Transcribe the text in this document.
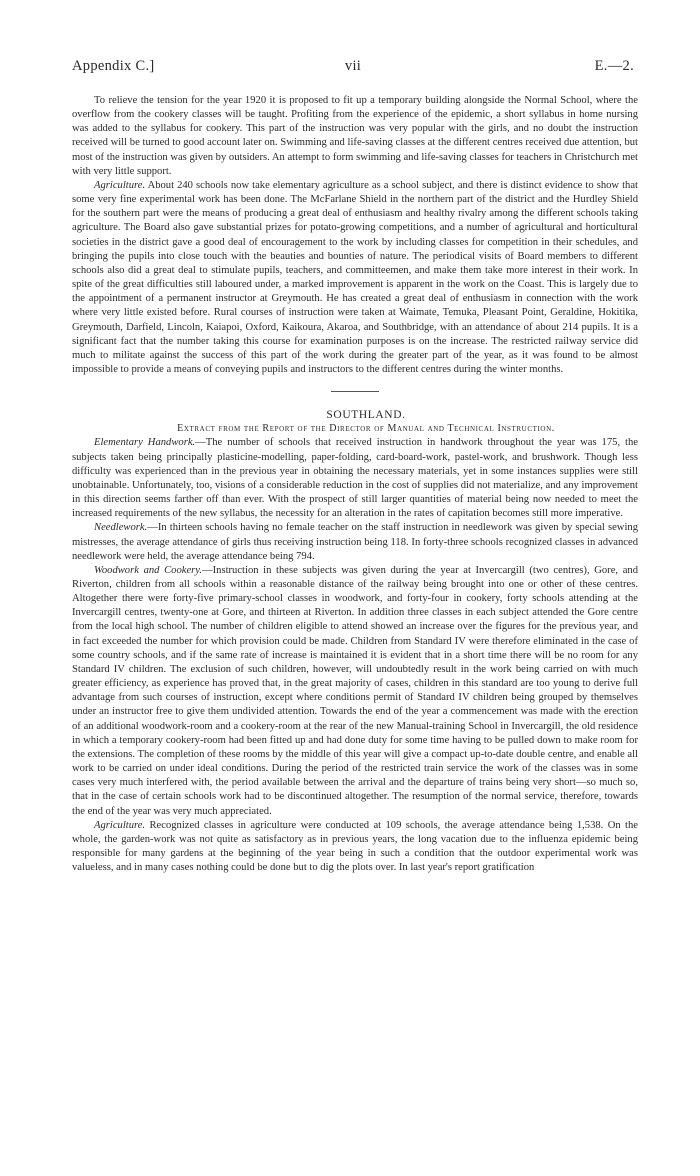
Appendix C.]	vii	E.—2.

To relieve the tension for the year 1920 it is proposed to fit up a temporary building alongside the Normal School, where the overflow from the cookery classes will be taught. Profiting from the experience of the epidemic, a short syllabus in home nursing was added to the syllabus for cookery. This part of the instruction was very popular with the girls, and no doubt the instruction received will be turned to good account later on. Swimming and life-saving classes at the different centres received due attention, but most of the instruction was given by outsiders. An attempt to form swimming and life-saving classes for teachers in Christchurch met with very little support.

Agriculture. About 240 schools now take elementary agriculture as a school subject, and there is distinct evidence to show that some very fine experimental work has been done. The McFarlane Shield in the northern part of the district and the Hurdley Shield for the southern part were the means of producing a great deal of enthusiasm and healthy rivalry among the different schools taking agriculture. The Board also gave substantial prizes for potato-growing competitions, and a number of agricultural and horticultural societies in the district gave a good deal of encouragement to the work by including classes for competition in their schedules, and bringing the pupils into close touch with the beauties and bounties of nature. The periodical visits of Board members to different schools also did a great deal to stimulate pupils, teachers, and committeemen, and make them take more interest in their work. In spite of the great difficulties still laboured under, a marked improvement is apparent in the work on the Coast. This is largely due to the appointment of a permanent instructor at Greymouth. He has created a great deal of enthusiasm in connection with the work where very little existed before. Rural courses of instruction were taken at Waimate, Temuka, Pleasant Point, Geraldine, Hokitika, Greymouth, Darfield, Lincoln, Kaiapoi, Oxford, Kaikoura, Akaroa, and Southbridge, with an attendance of about 214 pupils. It is a significant fact that the number taking this course for examination purposes is on the increase. The restricted railway service did much to militate against the success of this part of the work during the greater part of the year, as it was found to be almost impossible to provide a means of conveying pupils and instructors to the different centres during the winter months.

SOUTHLAND.

Extract from the Report of the Director of Manual and Technical Instruction.

Elementary Handwork.—The number of schools that received instruction in handwork throughout the year was 175, the subjects taken being principally plasticine-modelling, paper-folding, card-board-work, pastel-work, and brushwork. Though less difficulty was experienced than in the previous year in obtaining the necessary materials, yet in some instances supplies were still unobtainable. Unfortunately, too, visions of a considerable reduction in the cost of supplies did not materialize, and any improvement in this direction seems farther off than ever. With the prospect of still larger quantities of material being now needed to meet the increased requirements of the new syllabus, the necessity for an alteration in the rates of capitation becomes still more imperative.

Needlework.—In thirteen schools having no female teacher on the staff instruction in needlework was given by special sewing mistresses, the average attendance of girls thus receiving instruction being 118. In forty-three schools recognized classes in advanced needlework were held, the average attendance being 794.

Woodwork and Cookery.—Instruction in these subjects was given during the year at Invercargill (two centres), Gore, and Riverton, children from all schools within a reasonable distance of the railway being brought into one or other of these centres. Altogether there were forty-five primary-school classes in woodwork, and forty-four in cookery, forty schools attending at the Invercargill centres, twenty-one at Gore, and thirteen at Riverton. In addition three classes in each subject attended the Gore centre from the local high school. The number of children eligible to attend showed an increase over the figures for the previous year, and in fact exceeded the number for which provision could be made. Children from Standard IV were therefore eliminated in the case of some country schools, and if the same rate of increase is maintained it is evident that in a short time there will be no room for any Standard IV children. The exclusion of such children, however, will undoubtedly result in the work being carried on with much greater efficiency, as experience has proved that, in the great majority of cases, children in this standard are too young to derive full advantage from such courses of instruction, except where conditions permit of Standard IV children being grouped by themselves under an instructor free to give them undivided attention. Towards the end of the year a commencement was made with the erection of an additional woodwork-room and a cookery-room at the rear of the new Manual-training School in Invercargill, the old residence in which a temporary cookery-room had been fitted up and had done duty for some time having to be pulled down to make room for the extensions. The completion of these rooms by the middle of this year will give a compact up-to-date double centre, and enable all work to be carried on under ideal conditions. During the period of the restricted train service the work of the classes was in some cases very much interfered with, the period available between the arrival and the departure of trains being very short—so much so, that in the case of certain schools work had to be discontinued altogether. The resumption of the normal service, therefore, towards the end of the year was very much appreciated.

Agriculture. Recognized classes in agriculture were conducted at 109 schools, the average attendance being 1,538. On the whole, the garden-work was not quite as satisfactory as in previous years, the long vacation due to the influenza epidemic being responsible for many gardens at the beginning of the year being in such a condition that the outdoor experimental work was valueless, and in many cases nothing could be done but to dig the plots over. In last year's report gratification
